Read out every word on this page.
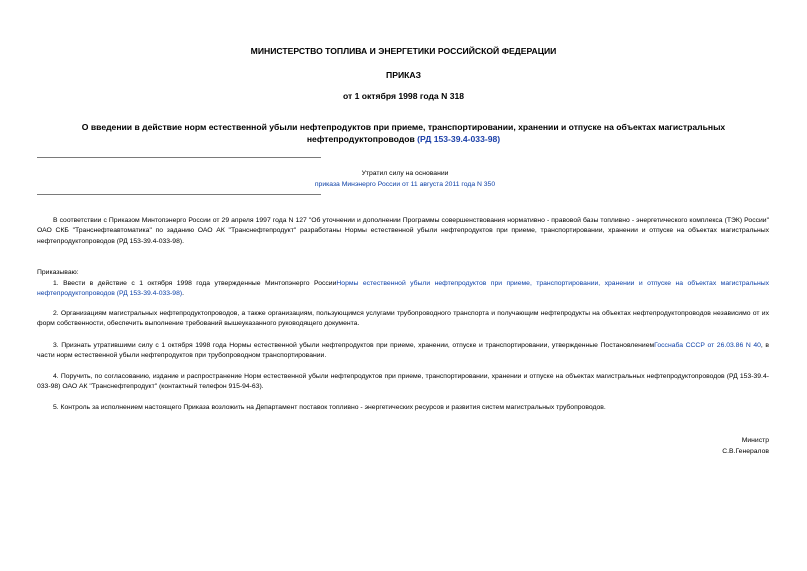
МИНИСТЕРСТВО ТОПЛИВА И ЭНЕРГЕТИКИ РОССИЙСКОЙ ФЕДЕРАЦИИ
ПРИКАЗ
от 1 октября 1998 года N 318
О введении в действие норм естественной убыли нефтепродуктов при приеме, транспортировании, хранении и отпуске на объектах магистральных нефтепродуктопроводов (РД 153-39.4-033-98)
Утратил силу на основании
приказа Минэнерго России от 11 августа 2011 года N 350
В соответствии с Приказом Минтопэнерго России от 29 апреля 1997 года N 127 "Об уточнении и дополнении Программы совершенствования нормативно - правовой базы топливно - энергетического комплекса (ТЭК) России" ОАО СКБ "Транснефтеавтоматика" по заданию ОАО АК "Транснефтепродукт" разработаны Нормы естественной убыли нефтепродуктов при приеме, транспортировании, хранении и отпуске на объектах магистральных нефтепродуктопроводов (РД 153-39.4-033-98).
Приказываю:
1. Ввести в действие с 1 октября 1998 года утвержденные Минтопэнерго РоссииНормы естественной убыли нефтепродуктов при приеме, транспортировании, хранении и отпуске на объектах магистральных нефтепродуктопроводов (РД 153-39.4-033-98).
2. Организациям магистральных нефтепродуктопроводов, а также организациям, пользующимся услугами трубопроводного транспорта и получающим нефтепродукты на объектах нефтепродуктопроводов независимо от их форм собственности, обеспечить выполнение требований вышеуказанного руководящего документа.
3. Признать утратившими силу с 1 октября 1998 года Нормы естественной убыли нефтепродуктов при приеме, хранении, отпуске и транспортировании, утвержденные ПостановлениемГосснаба СССР от 26.03.86 N 40, в части норм естественной убыли нефтепродуктов при трубопроводном транспортировании.
4. Поручить, по согласованию, издание и распространение Норм естественной убыли нефтепродуктов при приеме, транспортировании, хранении и отпуске на объектах магистральных нефтепродуктопроводов (РД 153-39.4-033-98) ОАО АК "Транснефтепродукт" (контактный телефон 915-94-63).
5. Контроль за исполнением настоящего Приказа возложить на Департамент поставок топливно - энергетических ресурсов и развития систем магистральных трубопроводов.
Министр
С.В.Генералов
